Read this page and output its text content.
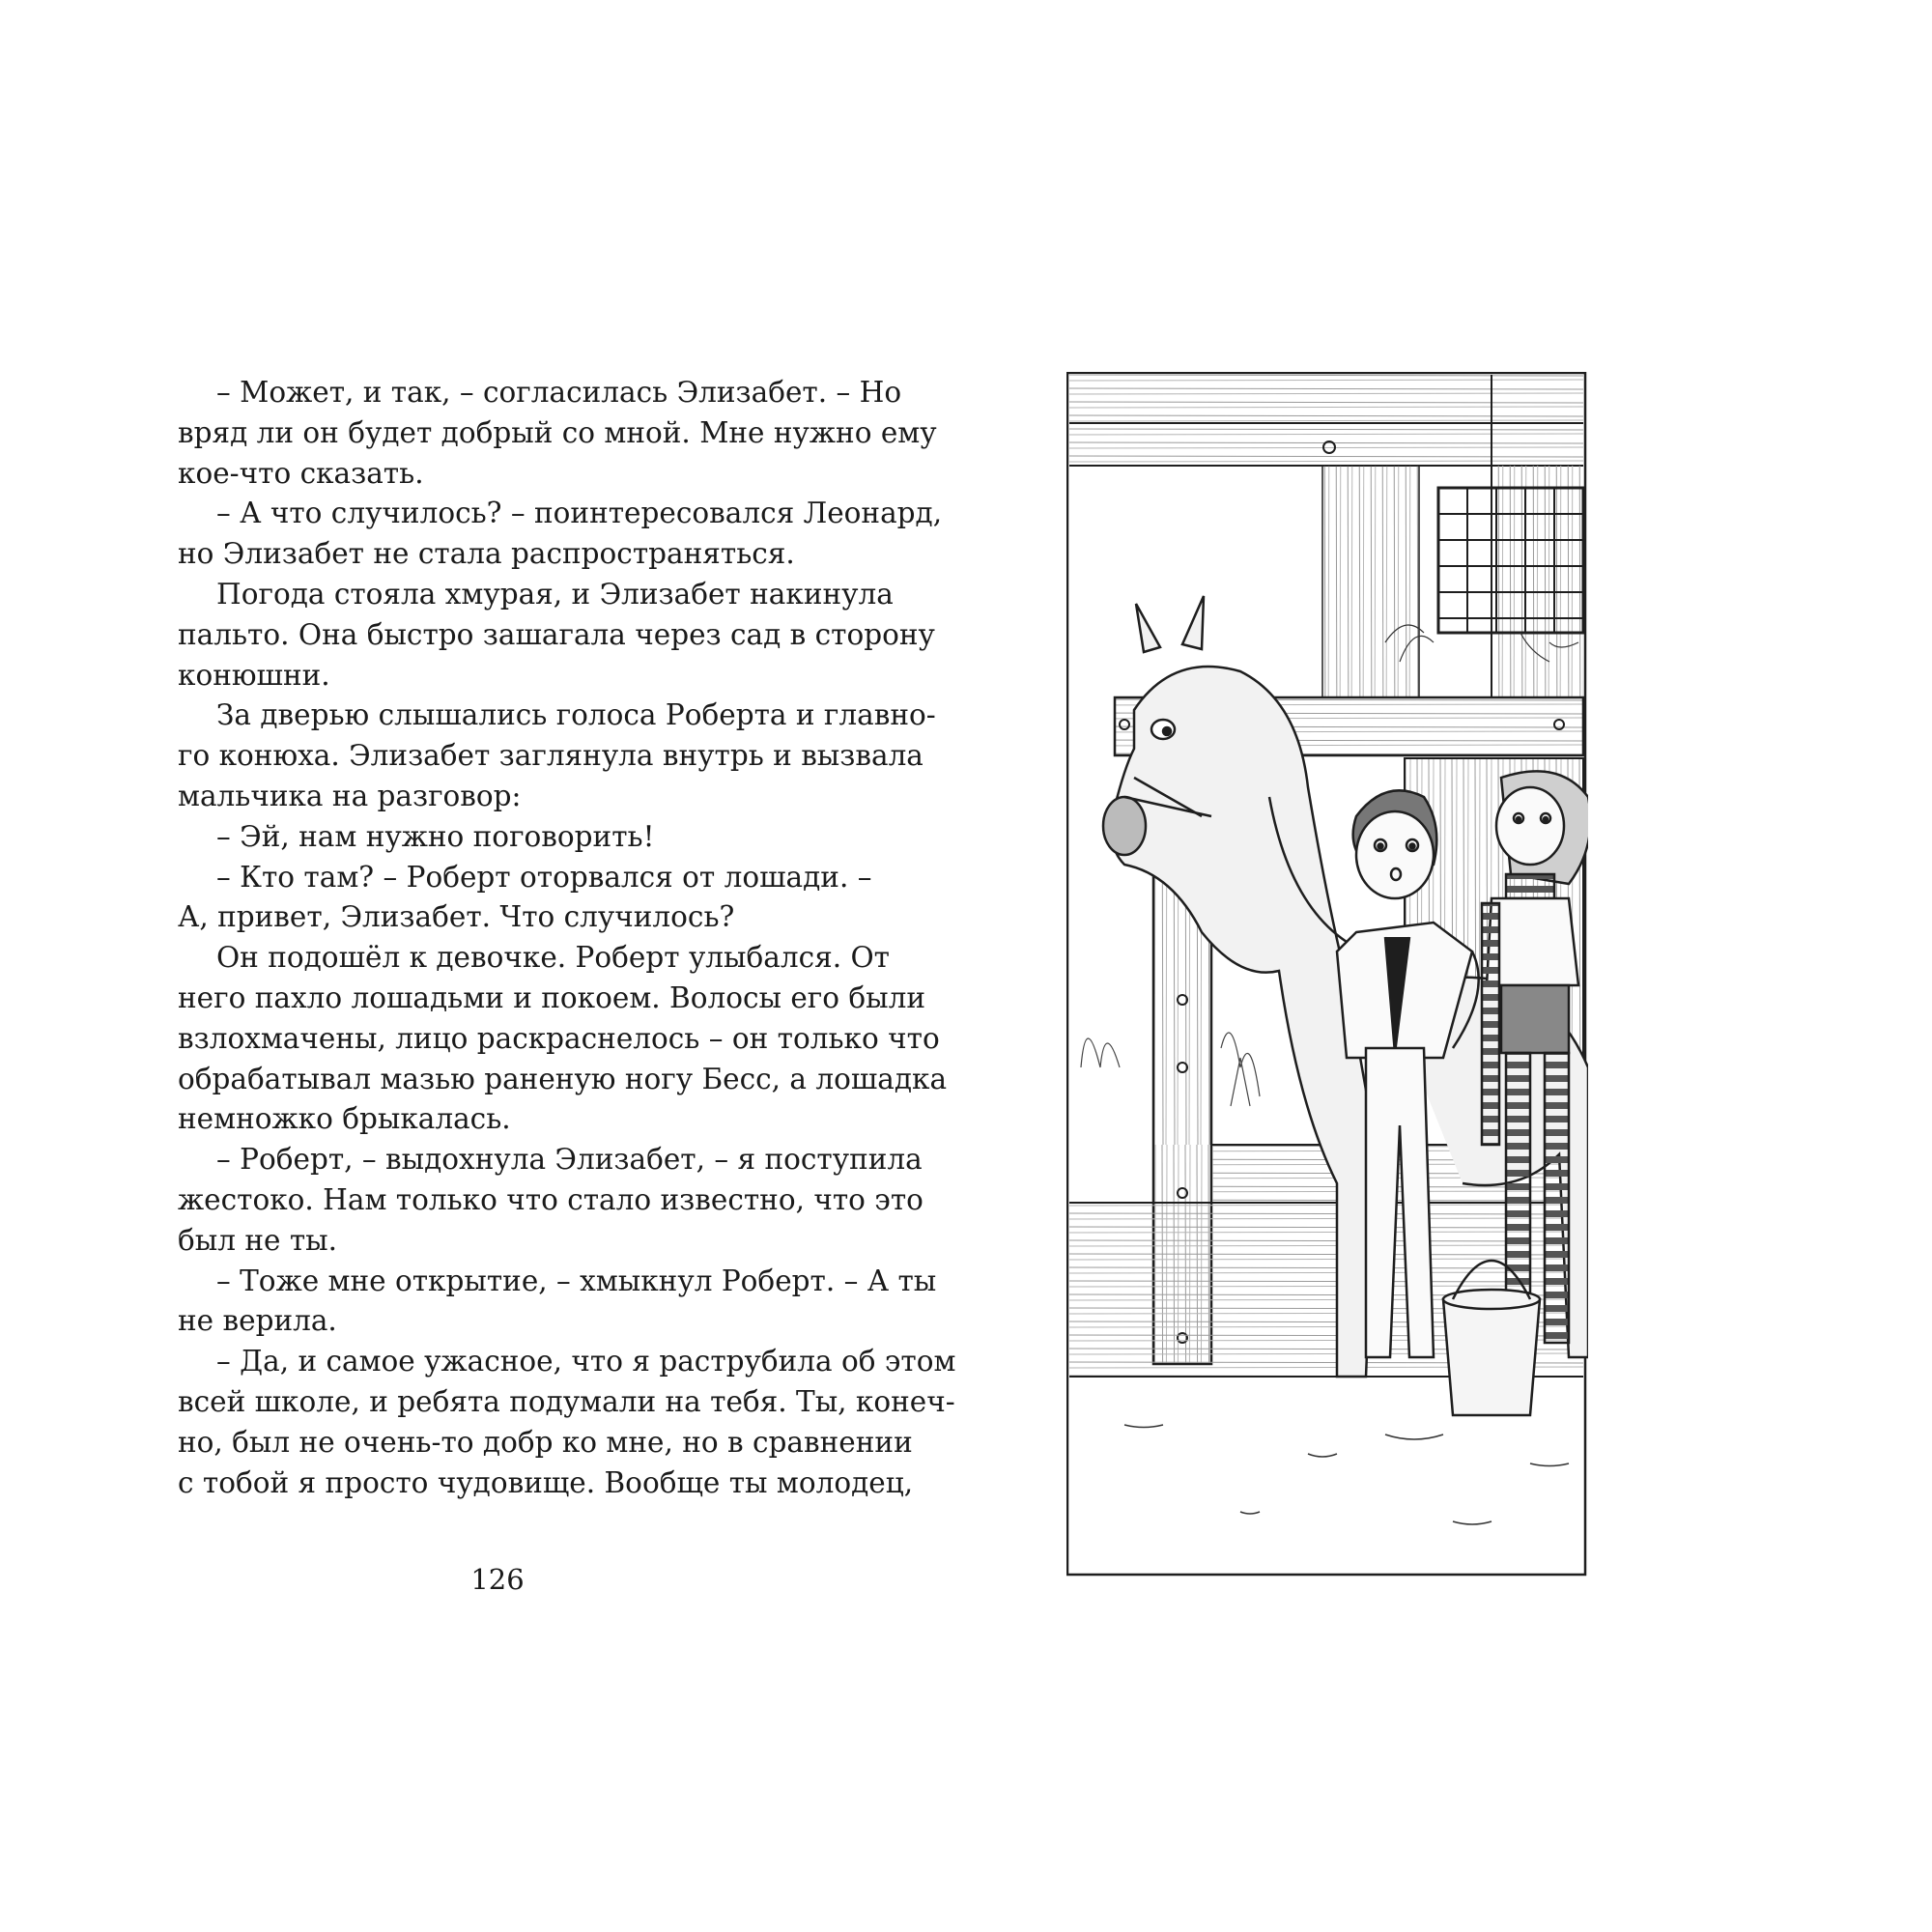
– Может, и так, – согласилась Элизабет. – Но
вряд ли он будет добрый со мной. Мне нужно ему
кое-что сказать.
– А что случилось? – поинтересовался Леонард,
но Элизабет не стала распространяться.
Погода стояла хмурая, и Элизабет накинула
пальто. Она быстро зашагала через сад в сторону
конюшни.
За дверью слышались голоса Роберта и главно-
го конюха. Элизабет заглянула внутрь и вызвала
мальчика на разговор:
– Эй, нам нужно поговорить!
– Кто там? – Роберт оторвался от лошади. –
А, привет, Элизабет. Что случилось?
Он подошёл к девочке. Роберт улыбался. От
него пахло лошадьми и покоем. Волосы его были
взлохмачены, лицо раскраснелось – он только что
обрабатывал мазью раненую ногу Бесс, а лошадка
немножко брыкалась.
– Роберт, – выдохнула Элизабет, – я поступила
жестоко. Нам только что стало известно, что это
был не ты.
– Тоже мне открытие, – хмыкнул Роберт. – А ты
не верила.
– Да, и самое ужасное, что я раструбила об этом
всей школе, и ребята подумали на тебя. Ты, конеч-
но, был не очень-то добр ко мне, но в сравнении
с тобой я просто чудовище. Вообще ты молодец,
126
